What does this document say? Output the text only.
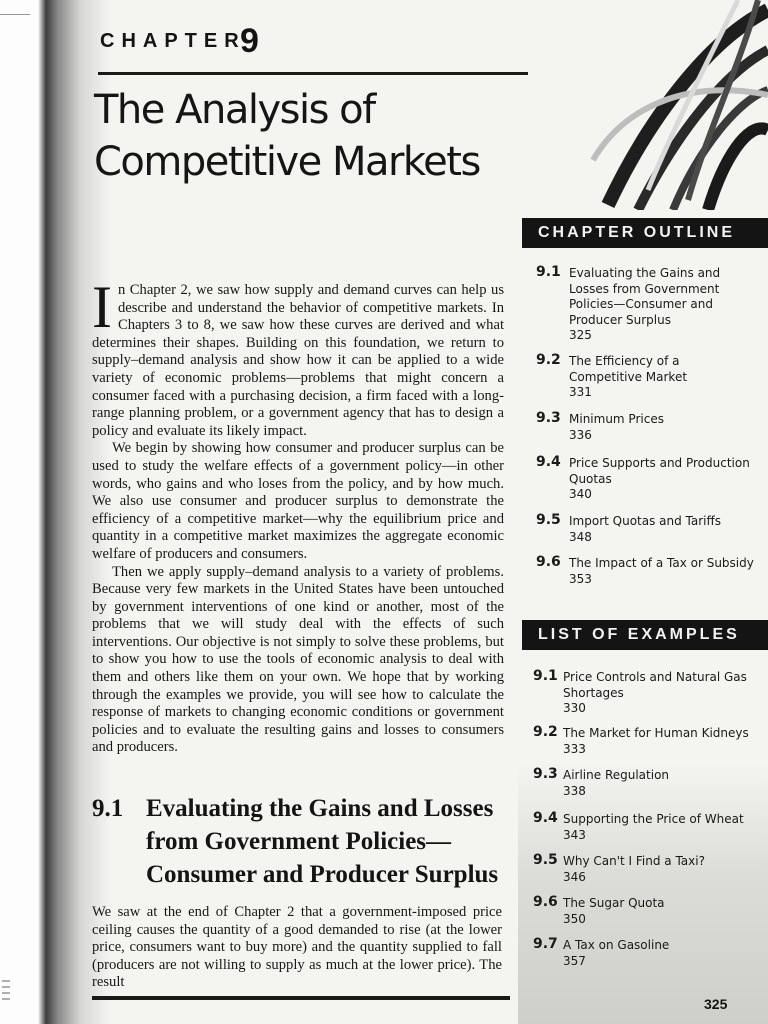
CHAPTER
9
The Analysis of Competitive Markets

In Chapter 2, we saw how supply and demand curves can help us describe and understand the behavior of competitive markets. In Chapters 3 to 8, we saw how these curves are derived and what determines their shapes. Building on this foundation, we return to supply–demand analysis and show how it can be applied to a wide variety of economic problems—problems that might concern a consumer faced with a purchasing decision, a firm faced with a long-range planning problem, or a government agency that has to design a policy and evaluate its likely impact.

We begin by showing how consumer and producer surplus can be used to study the welfare effects of a government policy—in other words, who gains and who loses from the policy, and by how much. We also use consumer and producer surplus to demonstrate the efficiency of a competitive market—why the equilibrium price and quantity in a competitive market maximizes the aggregate economic welfare of producers and consumers.

Then we apply supply–demand analysis to a variety of problems. Because very few markets in the United States have been untouched by government interventions of one kind or another, most of the problems that we will study deal with the effects of such interventions. Our objective is not simply to solve these problems, but to show you how to use the tools of economic analysis to deal with them and others like them on your own. We hope that by working through the examples we provide, you will see how to calculate the response of markets to changing economic conditions or government policies and to evaluate the resulting gains and losses to consumers and producers.

9.1 Evaluating the Gains and Losses from Government Policies—Consumer and Producer Surplus

We saw at the end of Chapter 2 that a government-imposed price ceiling causes the quantity of a good demanded to rise (at the lower price, consumers want to buy more) and the quantity supplied to fall (producers are not willing to supply as much at the lower price). The result

CHAPTER OUTLINE
9.1 Evaluating the Gains and Losses from Government Policies—Consumer and Producer Surplus
325
9.2 The Efficiency of a Competitive Market
331
9.3 Minimum Prices
336
9.4 Price Supports and Production Quotas
340
9.5 Import Quotas and Tariffs
348
9.6 The Impact of a Tax or Subsidy
353
LIST OF EXAMPLES
9.1 Price Controls and Natural Gas Shortages
330
9.2 The Market for Human Kidneys
333
9.3 Airline Regulation
338
9.4 Supporting the Price of Wheat
343
9.5 Why Can't I Find a Taxi?
346
9.6 The Sugar Quota
350
9.7 A Tax on Gasoline
357
325
